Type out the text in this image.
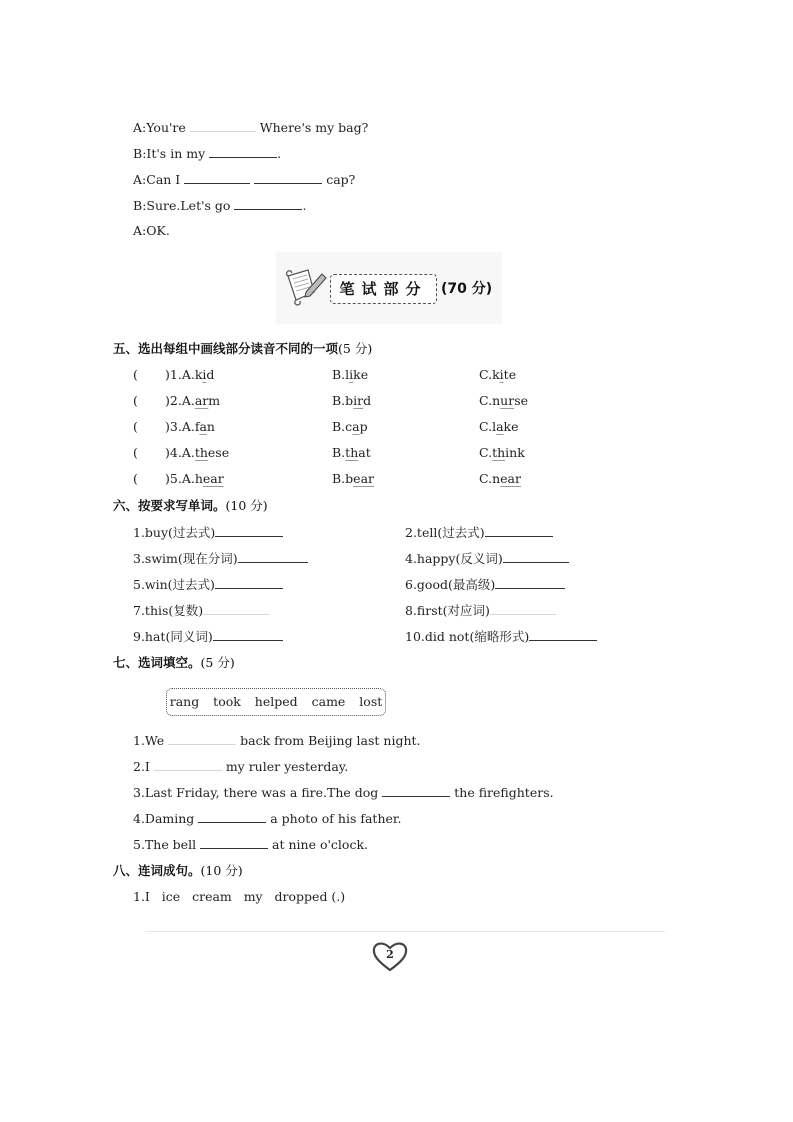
A:You're	Where's my bag?
B:It's in my	.
A:Can I	cap?
B:Sure.Let's go	.
A:OK.
笔试部分 (70 分)
五、选出每组中画线部分读音不同的一项(5 分)
( )1.A.kid	B.like	C.kite
( )2.A.arm	B.bird	C.nurse
( )3.A.fan	B.cap	C.lake
( )4.A.these	B.that	C.think
( )5.A.hear	B.bear	C.near
六、按要求写单词。(10 分)
1.buy(过去式)	2.tell(过去式)
3.swim(现在分词)	4.happy(反义词)
5.win(过去式)	6.good(最高级)
7.this(复数)	8.first(对应词)
9.hat(同义词)	10.did not(缩略形式)
七、选词填空。(5 分)
rang took helped came lost
1.We	back from Beijing last night.
2.I	my ruler yesterday.
3.Last Friday, there was a fire.The dog	the firefighters.
4.Daming	a photo of his father.
5.The bell	at nine o'clock.
八、连词成句。(10 分)
1.I   ice   cream   my   dropped (.)
2
